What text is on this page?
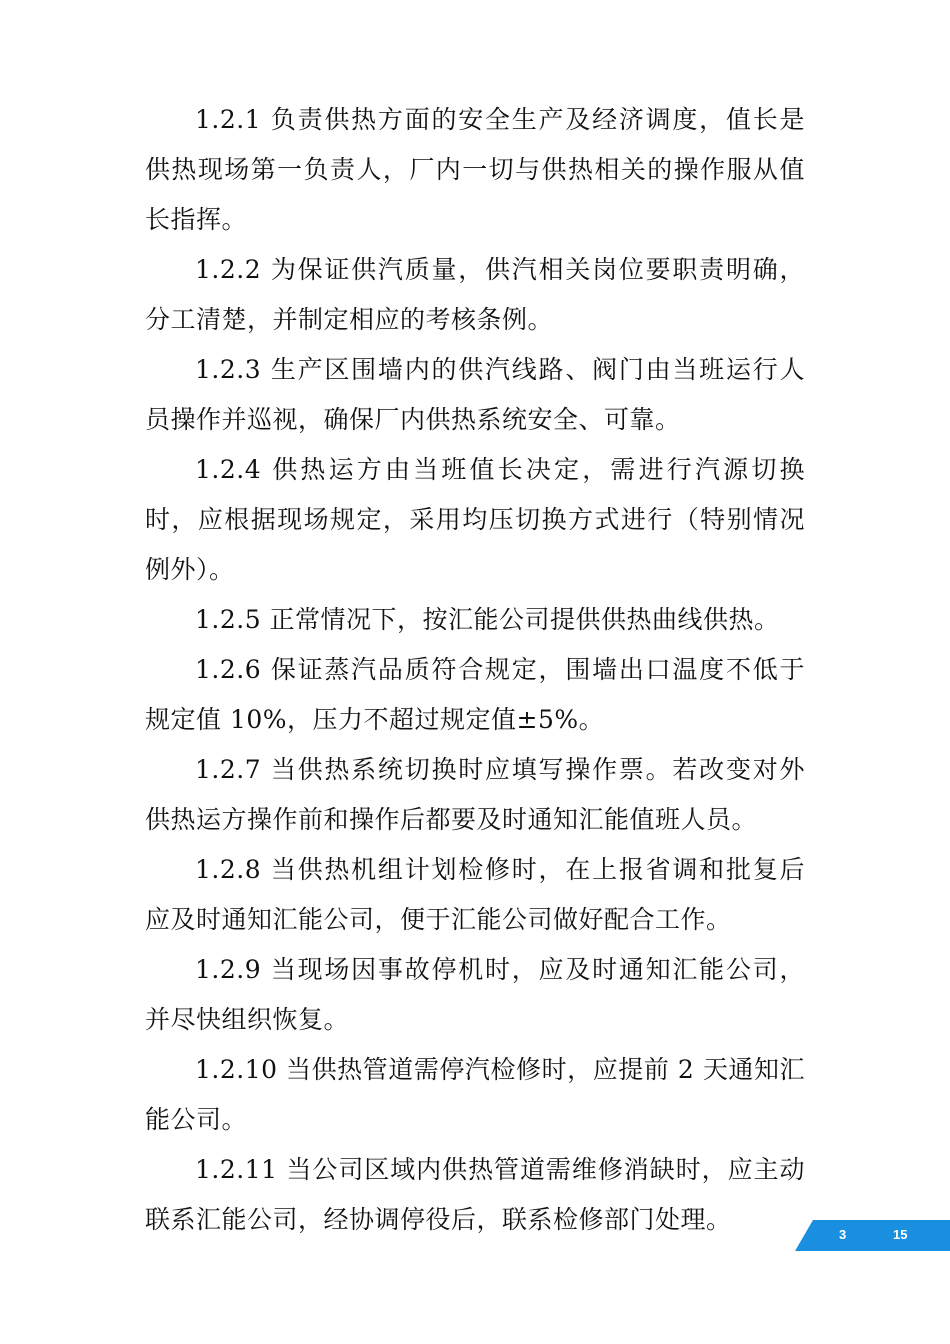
1.2.1 负责供热方面的安全生产及经济调度，值长是供热现场第一负责人，厂内一切与供热相关的操作服从值长指挥。

1.2.2 为保证供汽质量，供汽相关岗位要职责明确，分工清楚，并制定相应的考核条例。

1.2.3 生产区围墙内的供汽线路、阀门由当班运行人员操作并巡视，确保厂内供热系统安全、可靠。

1.2.4 供热运方由当班值长决定，需进行汽源切换时，应根据现场规定，采用均压切换方式进行（特别情况例外）。

1.2.5 正常情况下，按汇能公司提供供热曲线供热。

1.2.6 保证蒸汽品质符合规定，围墙出口温度不低于规定值 10%，压力不超过规定值±5%。

1.2.7 当供热系统切换时应填写操作票。若改变对外供热运方操作前和操作后都要及时通知汇能值班人员。

1.2.8 当供热机组计划检修时，在上报省调和批复后应及时通知汇能公司，便于汇能公司做好配合工作。

1.2.9 当现场因事故停机时，应及时通知汇能公司，并尽快组织恢复。

1.2.10 当供热管道需停汽检修时，应提前 2 天通知汇能公司。

1.2.11 当公司区域内供热管道需维修消缺时，应主动联系汇能公司，经协调停役后，联系检修部门处理。

3	15
